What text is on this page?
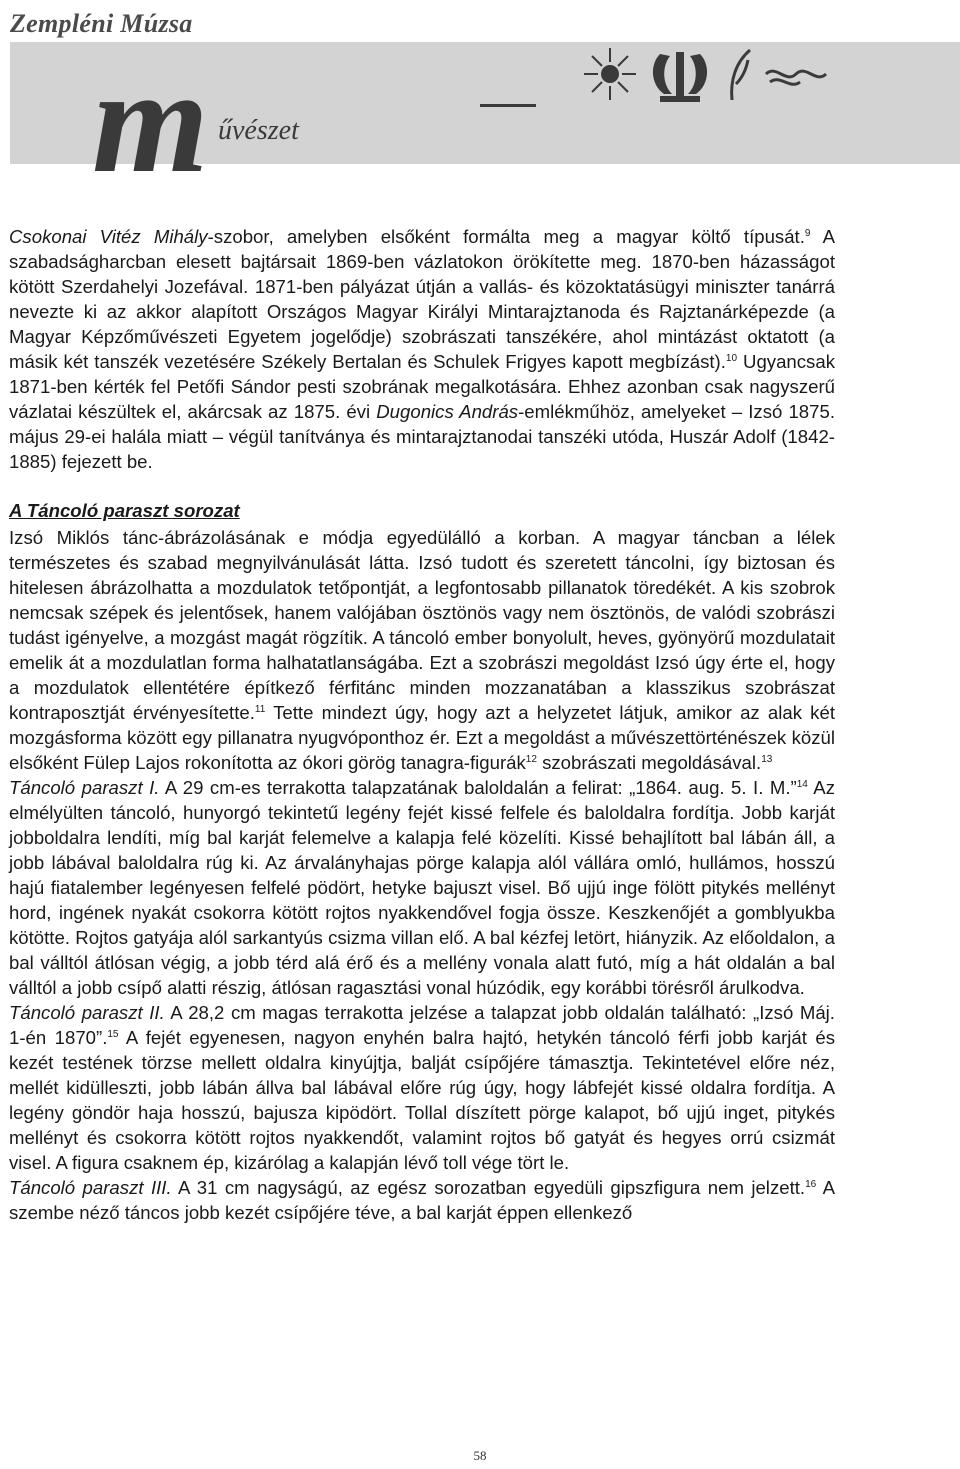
Zempléni Múzsa
m űvészet

Csokonai Vitéz Mihály-szobor, amelyben elsőként formálta meg a magyar költő típusát.$^9$ A szabadságharcban elesett bajtársait 1869-ben vázlatokon örökítette meg. 1870-ben házasságot kötött Szerdahelyi Jozefával. 1871-ben pályázat útján a vallás- és közoktatásügyi miniszter tanárrá nevezte ki az akkor alapított Országos Magyar Királyi Mintarajztanoda és Rajztanárképezde (a Magyar Képzőművészeti Egyetem jogelődje) szobrászati tanszékére, ahol mintázást oktatott (a másik két tanszék vezetésére Székely Bertalan és Schulek Frigyes kapott megbízást).$^{10}$ Ugyancsak 1871-ben kérték fel Petőfi Sándor pesti szobrának megalkotására. Ehhez azonban csak nagyszerű vázlatai készültek el, akárcsak az 1875. évi Dugonics András-emlékműhöz, amelyeket – Izsó 1875. május 29-ei halála miatt – végül tanítványa és mintarajztanodai tanszéki utóda, Huszár Adolf (1842-1885) fejezett be.

A Táncoló paraszt sorozat

Izsó Miklós tánc-ábrázolásának e módja egyedülálló a korban. A magyar táncban a lélek természetes és szabad megnyilvánulását látta. Izsó tudott és szeretett táncolni, így biztosan és hitelesen ábrázolhatta a mozdulatok tetőpontját, a legfontosabb pillanatok töredékét. A kis szobrok nemcsak szépek és jelentősek, hanem valójában ösztönös vagy nem ösztönös, de valódi szobrászi tudást igényelve, a mozgást magát rögzítik. A táncoló ember bonyolult, heves, gyönyörű mozdulatait emelik át a mozdulatlan forma halhatatlanságába. Ezt a szobrászi megoldást Izsó úgy érte el, hogy a mozdulatok ellentétére építkező férfitánc minden mozzanatában a klasszikus szobrászat kontraposztját érvényesítette.$^{11}$ Tette mindezt úgy, hogy azt a helyzetet látjuk, amikor az alak két mozgásforma között egy pillanatra nyugvóponthoz ér. Ezt a megoldást a művészettörténészek közül elsőként Fülep Lajos rokonította az ókori görög tanagra-figurák$^{12}$ szobrászati megoldásával.$^{13}$

Táncoló paraszt I. A 29 cm-es terrakotta talapzatának baloldalán a felirat: „1864. aug. 5. I. M.”$^{14}$ Az elmélyülten táncoló, hunyorgó tekintetű legény fejét kissé felfele és baloldalra fordítja. Jobb karját jobboldalra lendíti, míg bal karját felemelve a kalapja felé közelíti. Kissé behajlított bal lábán áll, a jobb lábával baloldalra rúg ki. Az árvalányhajas pörge kalapja alól vállára omló, hullámos, hosszú hajú fiatalember legényesen felfelé pödört, hetyke bajuszt visel. Bő ujjú inge fölött pitykés mellényt hord, ingének nyakát csokorra kötött rojtos nyakkendővel fogja össze. Keszkenőjét a gomblyukba kötötte. Rojtos gatyája alól sarkantyús csizma villan elő. A bal kézfej letört, hiányzik. Az előoldalon, a bal válltól átlósan végig, a jobb térd alá érő és a mellény vonala alatt futó, míg a hát oldalán a bal válltól a jobb csípő alatti részig, átlósan ragasztási vonal húzódik, egy korábbi törésről árulkodva.

Táncoló paraszt II. A 28,2 cm magas terrakotta jelzése a talapzat jobb oldalán található: „Izsó Máj. 1-én 1870”.$^{15}$ A fejét egyenesen, nagyon enyhén balra hajtó, hetykén táncoló férfi jobb karját és kezét testének törzse mellett oldalra kinyújtja, balját csípőjére támasztja. Tekintetével előre néz, mellét kidülleszti, jobb lábán állva bal lábával előre rúg úgy, hogy lábfejét kissé oldalra fordítja. A legény göndör haja hosszú, bajusza kipödört. Tollal díszített pörge kalapot, bő ujjú inget, pitykés mellényt és csokorra kötött rojtos nyakkendőt, valamint rojtos bő gatyát és hegyes orrú csizmát visel. A figura csaknem ép, kizárólag a kalapján lévő toll vége tört le.

Táncoló paraszt III. A 31 cm nagyságú, az egész sorozatban egyedüli gipszfigura nem jelzett.$^{16}$ A szembe néző táncos jobb kezét csípőjére téve, a bal karját éppen ellenkező

58
